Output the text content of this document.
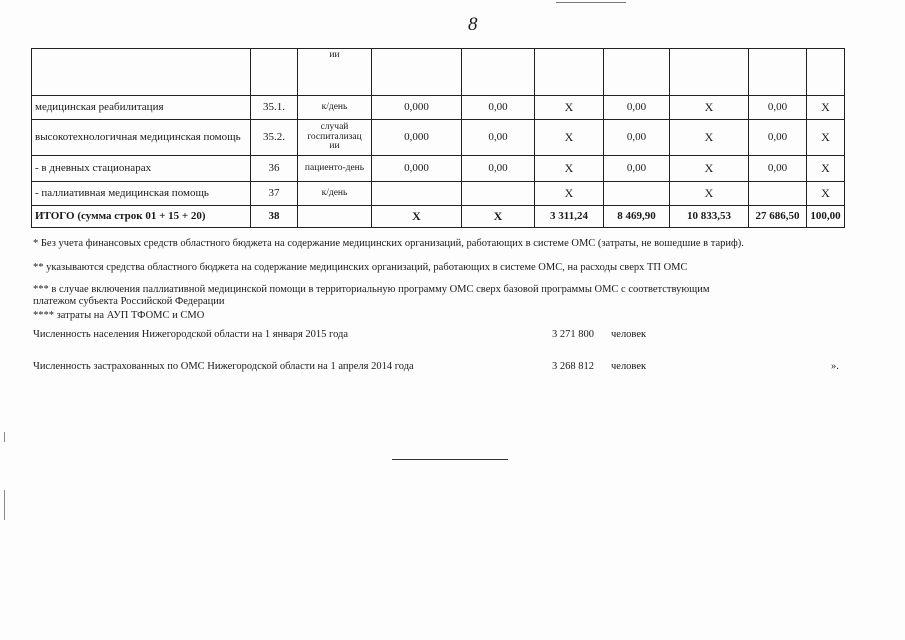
8
		ии							
медицинская реабилитация	35.1.	к/день	0,000	0,00	Х	0,00	Х	0,00	Х
высокотехнологичная медицинская помощь	35.2.	случай госпитализац ии	0,000	0,00	Х	0,00	Х	0,00	Х
- в дневных стационарах	36	пациенто-день	0,000	0,00	Х	0,00	Х	0,00	Х
- паллиативная медицинская помощь	37	к/день			Х		Х		Х
ИТОГО (сумма строк 01 + 15 + 20)	38		Х	Х	3 311,24	8 469,90	10 833,53	27 686,50	100,00
* Без учета финансовых средств областного бюджета на содержание медицинских организаций, работающих в системе ОМС (затраты, не вошедшие в тариф).
** указываются средства областного бюджета на содержание медицинских организаций, работающих в системе ОМС, на расходы сверх ТП ОМС
*** в случае включения паллиативной медицинской помощи в территориальную программу ОМС сверх базовой программы ОМС с соответствующим платежом субъекта Российской Федерации
**** затраты на АУП ТФОМС и СМО
Численность населения Нижегородской области на 1 января 2015 года	3 271 800 человек
Численность застрахованных по ОМС Нижегородской области на 1 апреля 2014 года	3 268 812 человек	».
